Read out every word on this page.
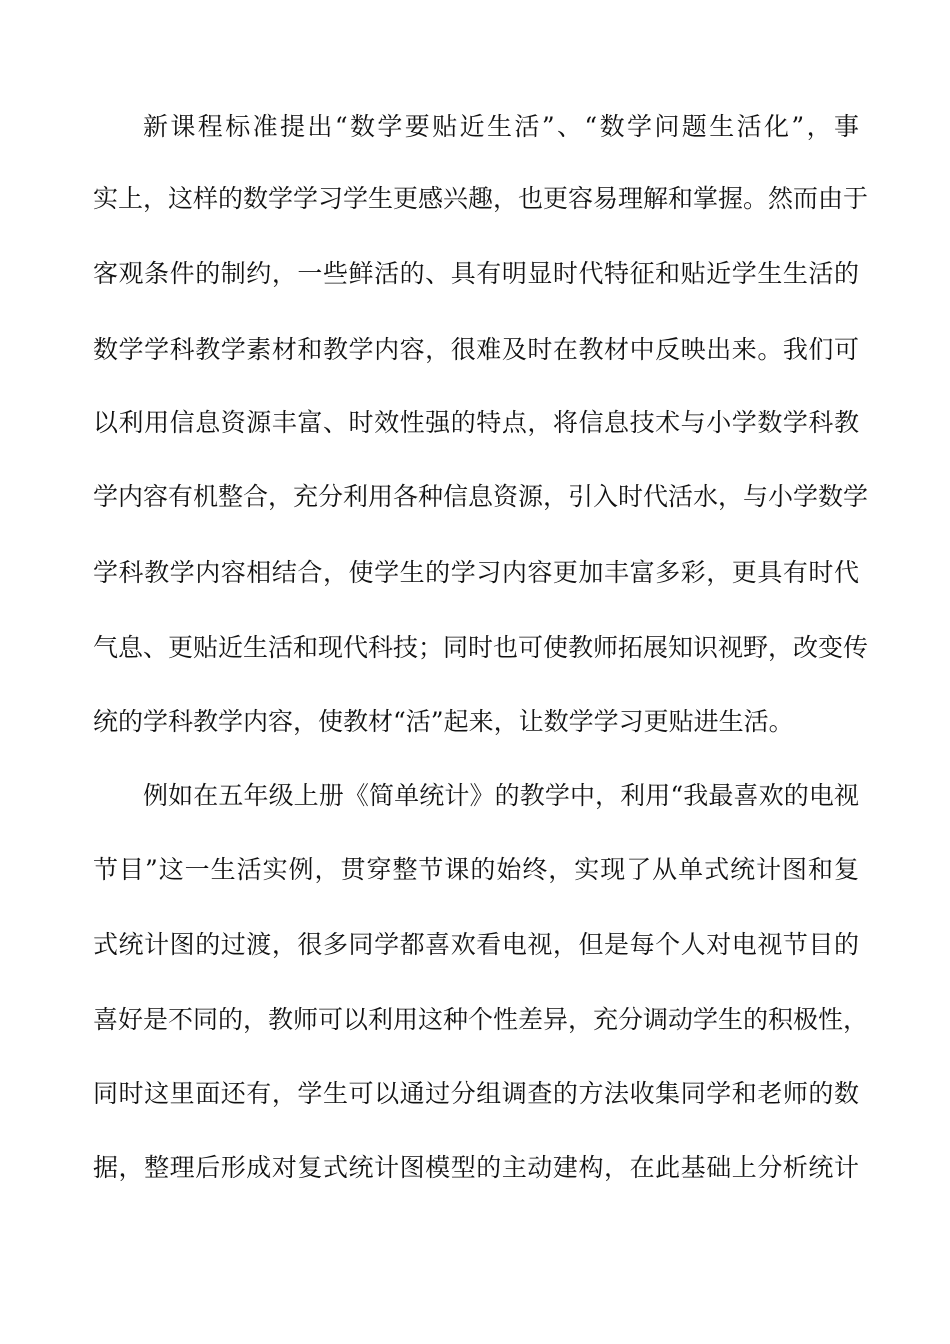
新课程标准提出“数学要贴近生活”、“数学问题生活化”，事
实上，这样的数学学习学生更感兴趣，也更容易理解和掌握。然而由于
客观条件的制约，一些鲜活的、具有明显时代特征和贴近学生生活的
数学学科教学素材和教学内容，很难及时在教材中反映出来。我们可
以利用信息资源丰富、时效性强的特点，将信息技术与小学数学科教
学内容有机整合，充分利用各种信息资源，引入时代活水，与小学数学
学科教学内容相结合，使学生的学习内容更加丰富多彩，更具有时代
气息、更贴近生活和现代科技；同时也可使教师拓展知识视野，改变传
统的学科教学内容，使教材“活”起来，让数学学习更贴进生活。
例如在五年级上册《简单统计》的教学中，利用“我最喜欢的电视
节目”这一生活实例，贯穿整节课的始终，实现了从单式统计图和复
式统计图的过渡，很多同学都喜欢看电视，但是每个人对电视节目的
喜好是不同的，教师可以利用这种个性差异，充分调动学生的积极性，
同时这里面还有，学生可以通过分组调查的方法收集同学和老师的数
据，整理后形成对复式统计图模型的主动建构，在此基础上分析统计
